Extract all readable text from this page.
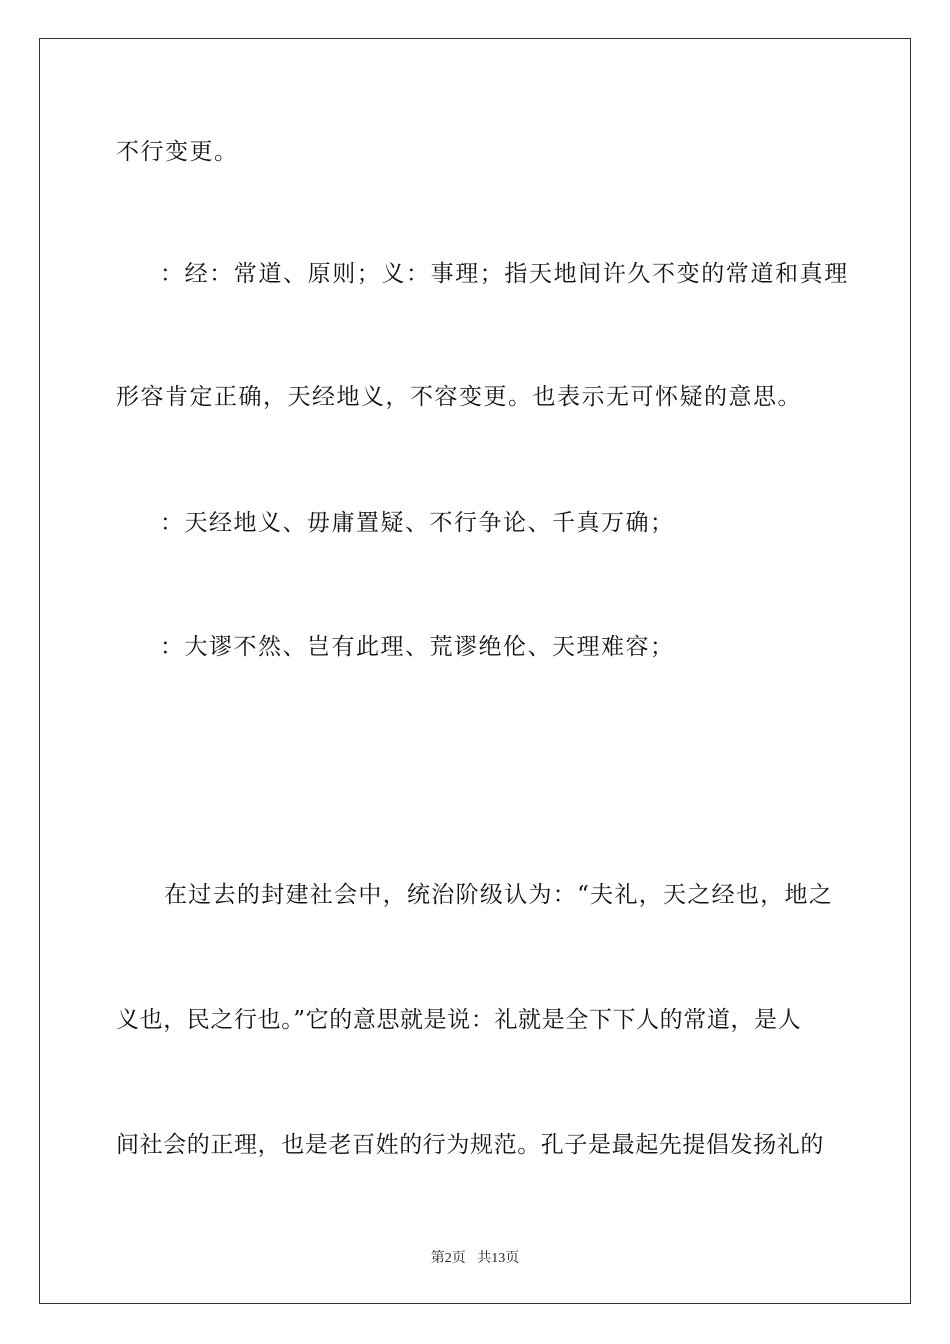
不行变更。
：经：常道、原则；义：事理；指天地间许久不变的常道和真理
形容肯定正确，天经地义，不容变更。也表示无可怀疑的意思。
：天经地义、毋庸置疑、不行争论、千真万确；
：大谬不然、岂有此理、荒谬绝伦、天理难容；
在过去的封建社会中，统治阶级认为：“夫礼，天之经也，地之
义也，民之行也。”它的意思就是说：礼就是全下下人的常道，是人
间社会的正理，也是老百姓的行为规范。孔子是最起先提倡发扬礼的
第2页 共13页
